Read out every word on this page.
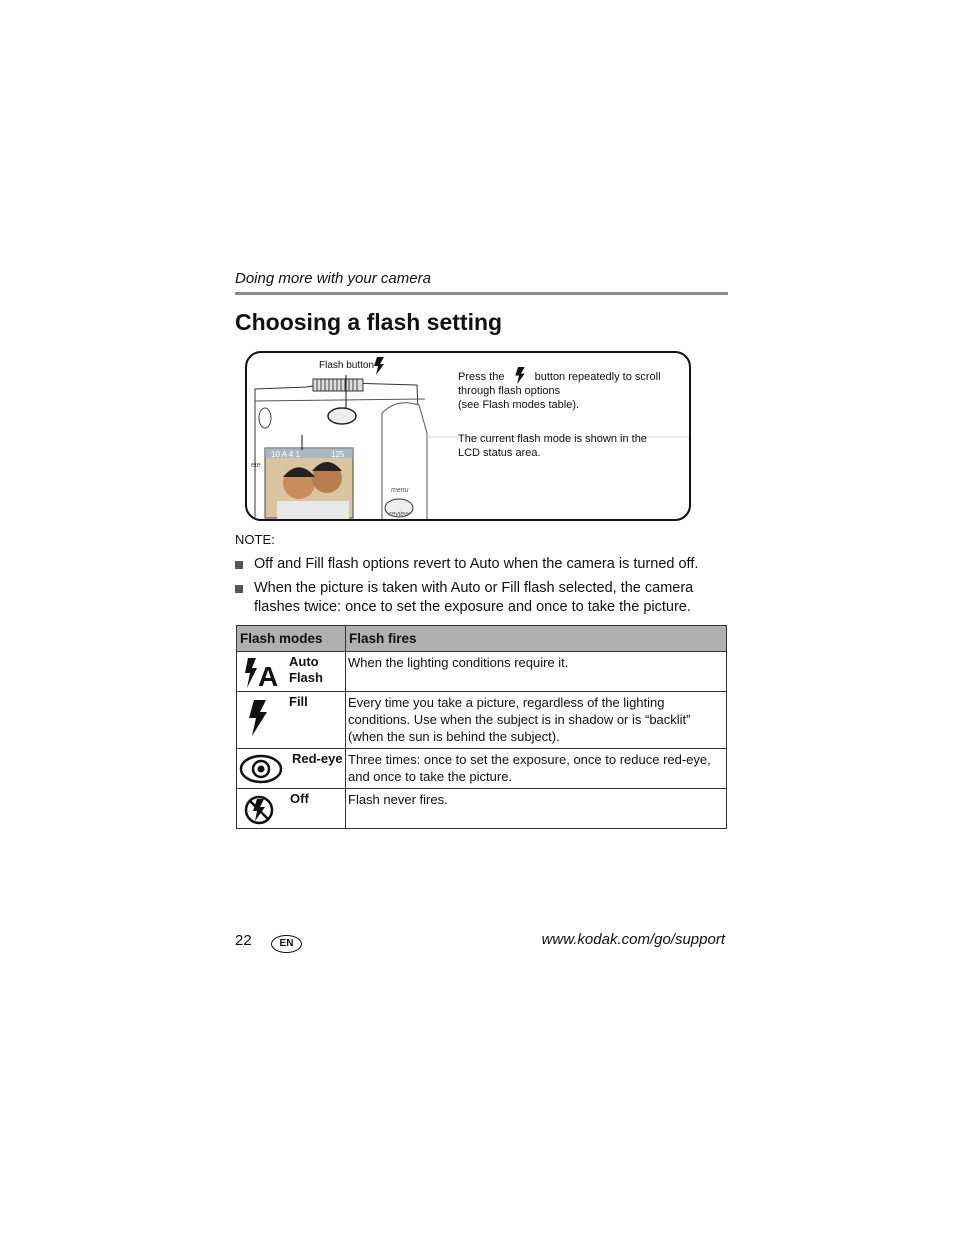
Doing more with your camera
Choosing a flash setting
Flash button
10 A 4 1	125
ete
menu
review
Press the	button repeatedly to scroll
through flash options
(see Flash modes table).
The current flash mode is shown in the
LCD status area.
NOTE:
Off and Fill flash options revert to Auto when the camera is turned off.
When the picture is taken with Auto or Fill flash selected, the camera flashes twice: once to set the exposure and once to take the picture.
Flash modes	Flash fires

A Auto
Flash	When the lighting conditions require it.

Fill	Every time you take a picture, regardless of the lighting conditions. Use when the subject is in shadow or is “backlit” (when the sun is behind the subject).

Red-eye	Three times: once to set the exposure, once to reduce red-eye, and once to take the picture.

Off	Flash never fires.
22	EN	www.kodak.com/go/support
